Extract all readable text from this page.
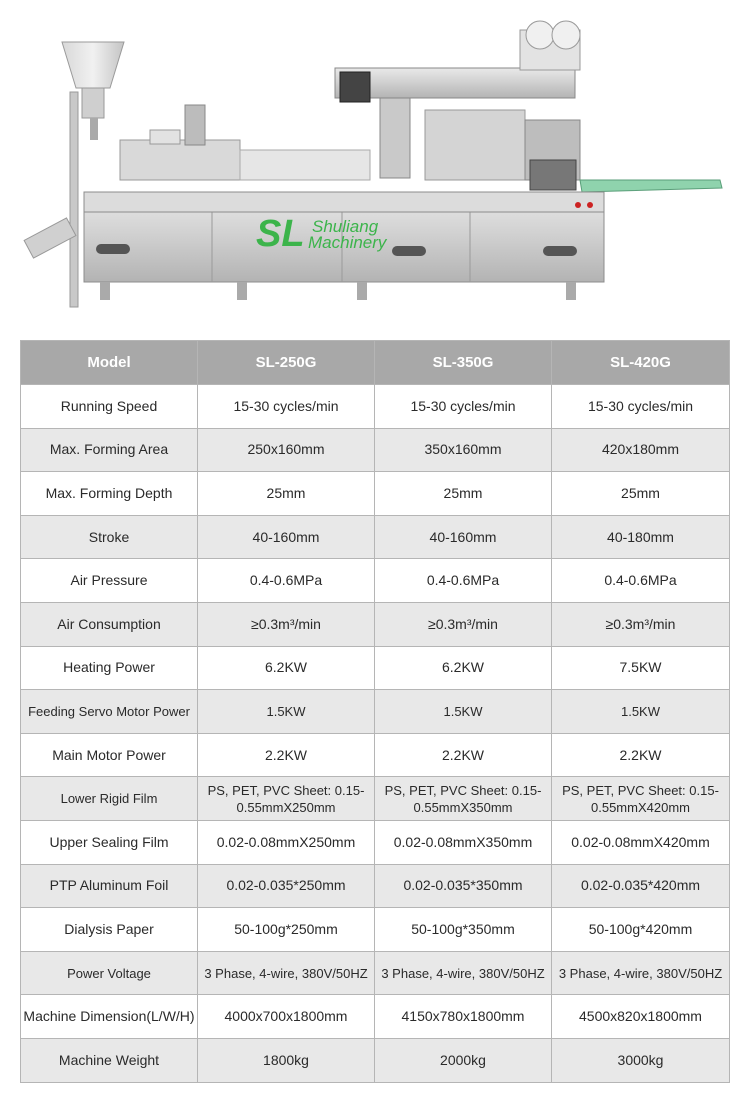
SL Shuliang
Machinery
Model	SL-250G	SL-350G	SL-420G
Running Speed	15-30 cycles/min	15-30 cycles/min	15-30 cycles/min
Max. Forming Area	250x160mm	350x160mm	420x180mm
Max. Forming Depth	25mm	25mm	25mm
Stroke	40-160mm	40-160mm	40-180mm
Air Pressure	0.4-0.6MPa	0.4-0.6MPa	0.4-0.6MPa
Air Consumption	≥0.3m³/min	≥0.3m³/min	≥0.3m³/min
Heating Power	6.2KW	6.2KW	7.5KW
Feeding Servo Motor Power	1.5KW	1.5KW	1.5KW
Main Motor Power	2.2KW	2.2KW	2.2KW
Lower Rigid Film	PS, PET, PVC Sheet: 0.15-0.55mmX250mm	PS, PET, PVC Sheet: 0.15-0.55mmX350mm	PS, PET, PVC Sheet: 0.15-0.55mmX420mm
Upper Sealing Film	0.02-0.08mmX250mm	0.02-0.08mmX350mm	0.02-0.08mmX420mm
PTP Aluminum Foil	0.02-0.035*250mm	0.02-0.035*350mm	0.02-0.035*420mm
Dialysis Paper	50-100g*250mm	50-100g*350mm	50-100g*420mm
Power Voltage	3 Phase, 4-wire, 380V/50HZ	3 Phase, 4-wire, 380V/50HZ	3 Phase, 4-wire, 380V/50HZ
Machine Dimension(L/W/H)	4000x700x1800mm	4150x780x1800mm	4500x820x1800mm
Machine Weight	1800kg	2000kg	3000kg
